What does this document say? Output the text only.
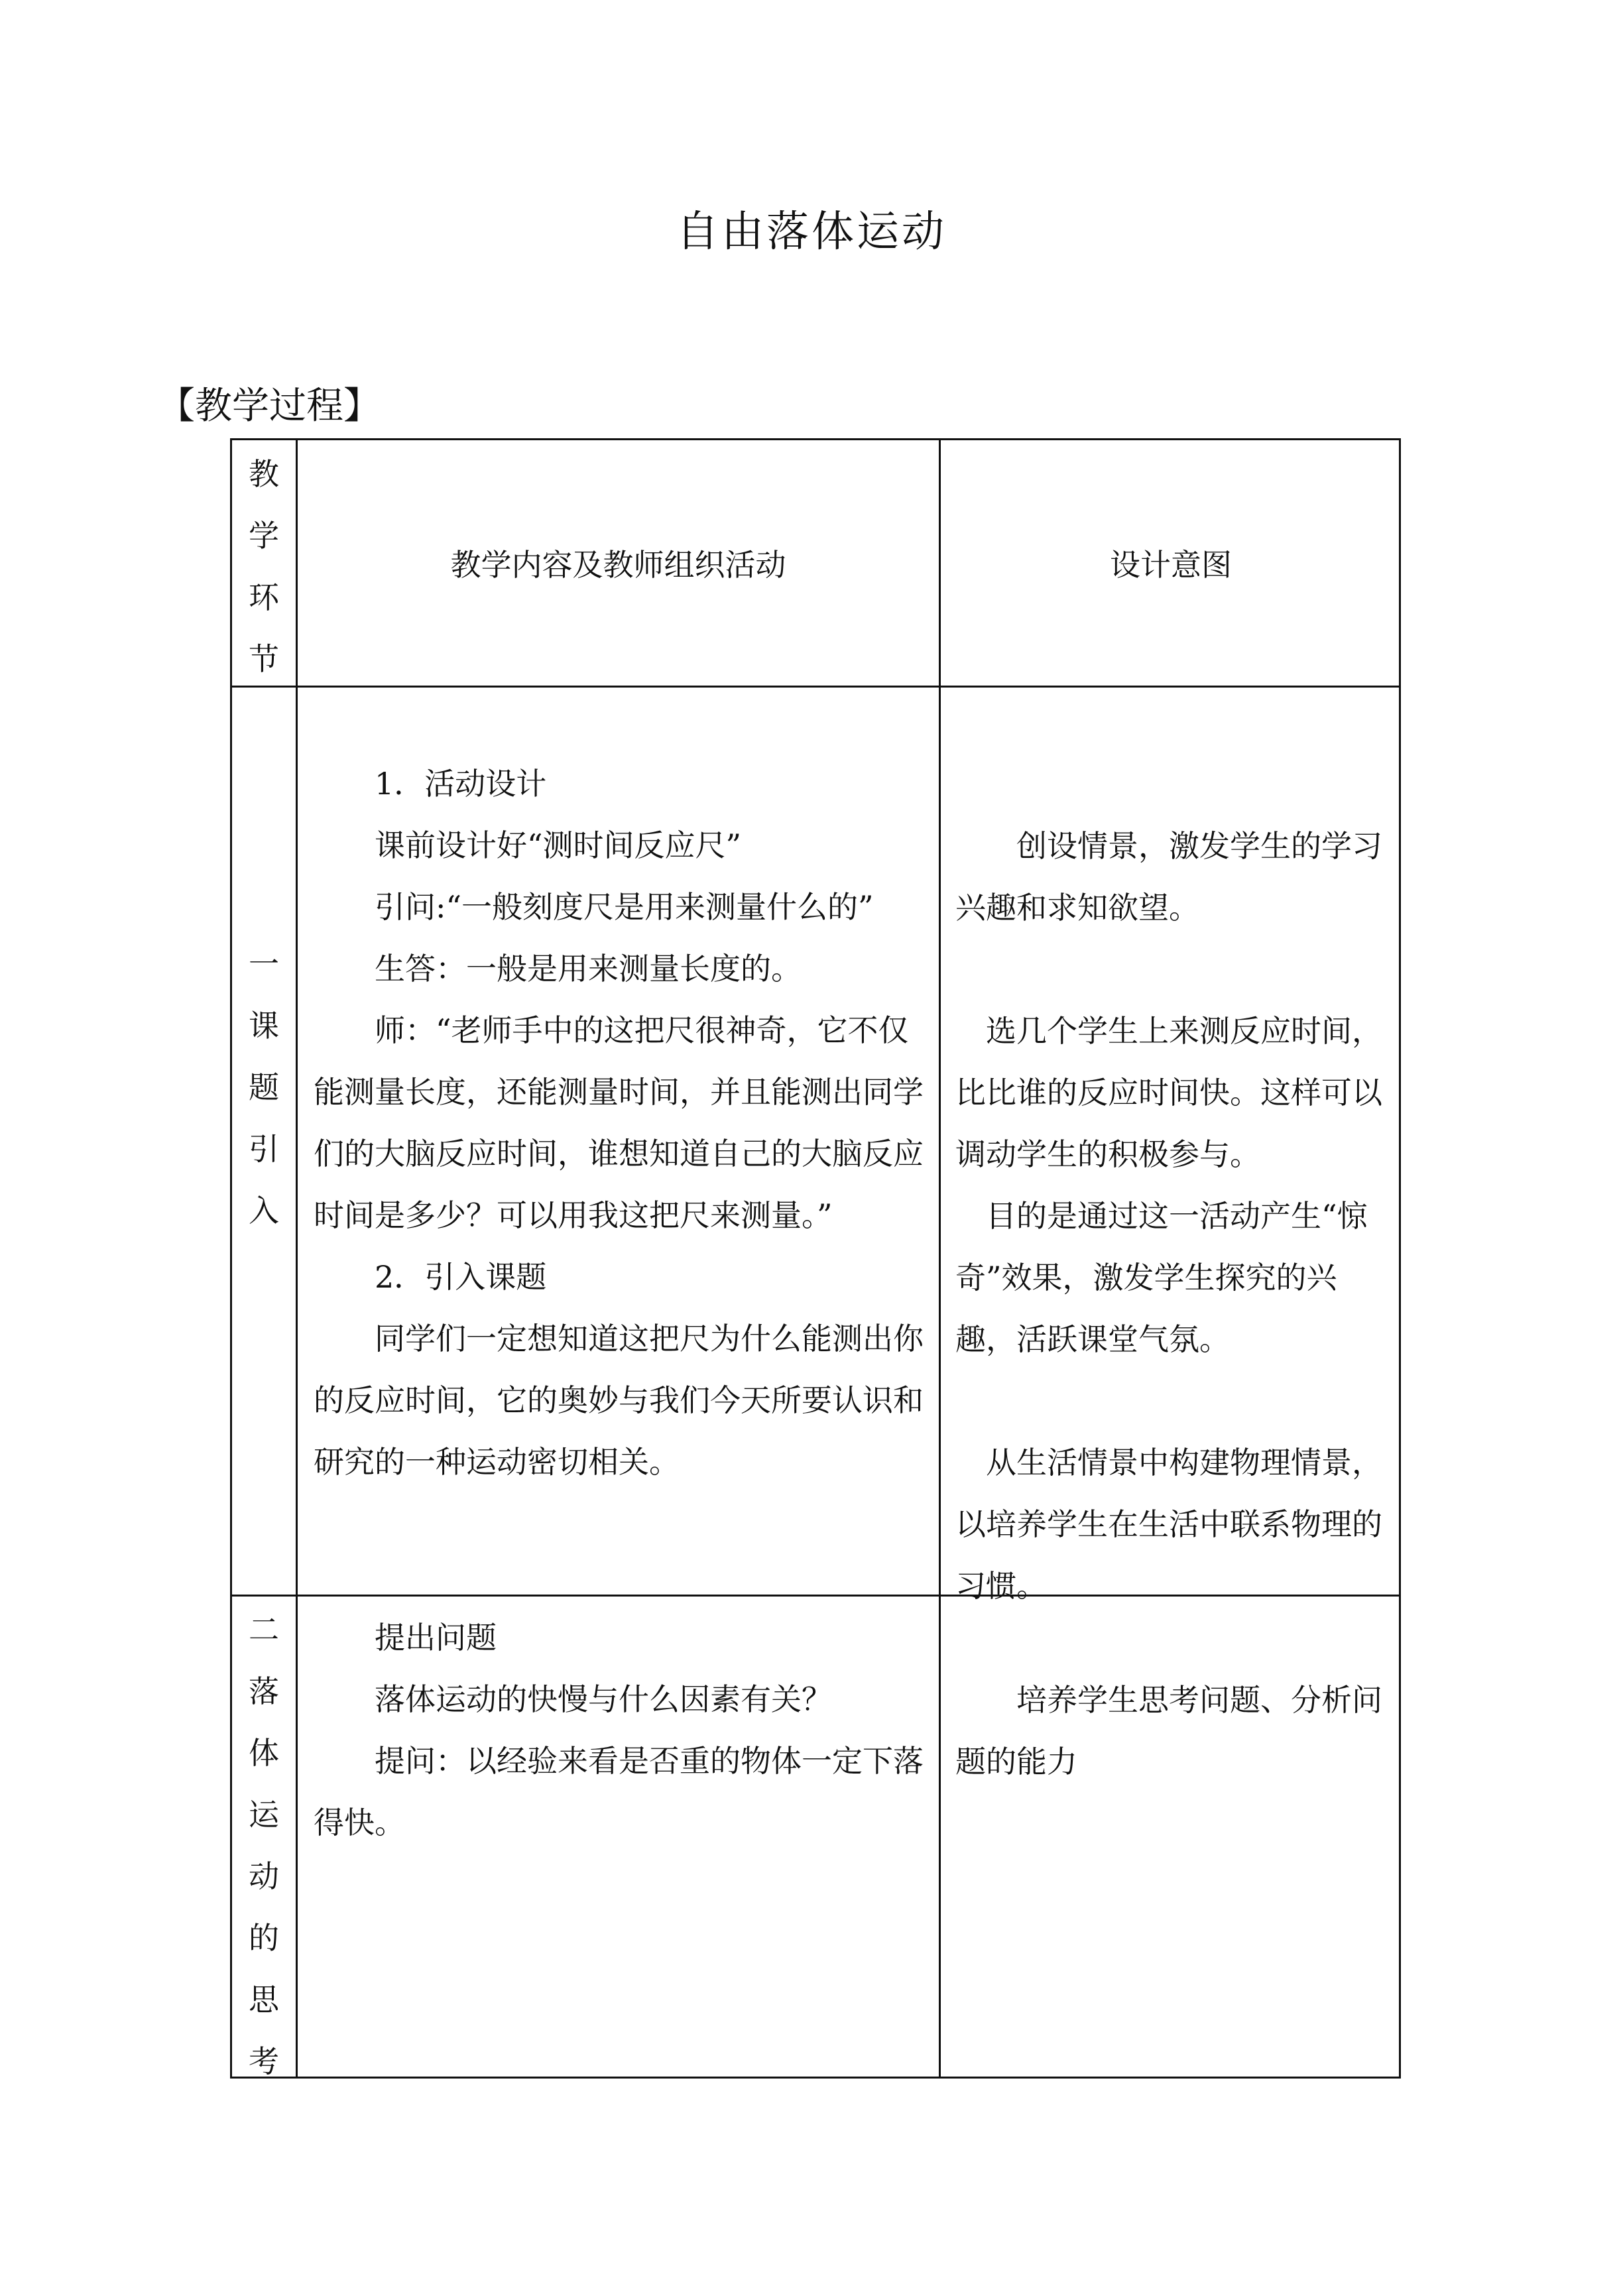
自由落体运动
【教学过程】
教学环节
教学内容及教师组织活动	设计意图
一课题引入

1．活动设计

课前设计好“测时间反应尺”

引问:“一般刻度尺是用来测量什么的”

生答：一般是用来测量长度的。

师：“老师手中的这把尺很神奇，它不仅能测量长度，还能测量时间，并且能测出同学们的大脑反应时间，谁想知道自己的大脑反应时间是多少？可以用我这把尺来测量。”

2．引入课题

同学们一定想知道这把尺为什么能测出你的反应时间，它的奥妙与我们今天所要认识和研究的一种运动密切相关。

创设情景，激发学生的学习兴趣和求知欲望。

选几个学生上来测反应时间，比比谁的反应时间快。这样可以调动学生的积极参与。

目的是通过这一活动产生“惊奇”效果，激发学生探究的兴趣，活跃课堂气氛。

从生活情景中构建物理情景，以培养学生在生活中联系物理的习惯。

二落体运动的思考

提出问题

落体运动的快慢与什么因素有关？

提问：以经验来看是否重的物体一定下落得快。

培养学生思考问题、分析问题的能力
